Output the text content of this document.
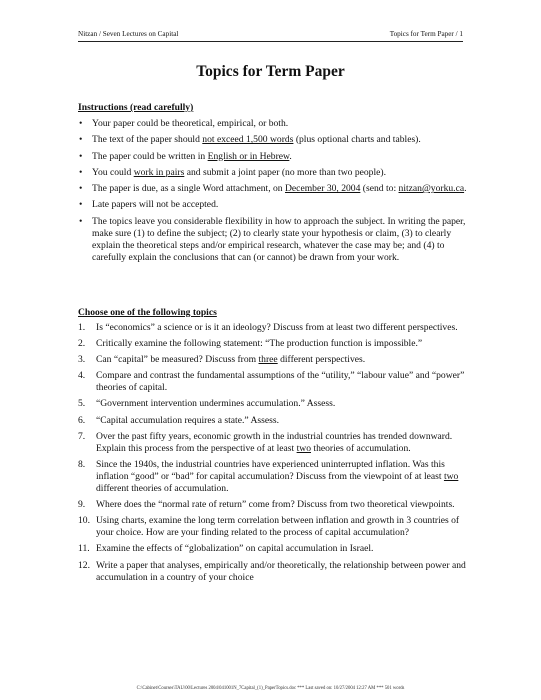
Nitzan / Seven Lectures on Capital	Topics for Term Paper / 1
Topics for Term Paper
Instructions (read carefully)
• Your paper could be theoretical, empirical, or both.
• The text of the paper should not exceed 1,500 words (plus optional charts and tables).
• The paper could be written in English or in Hebrew.
• You could work in pairs and submit a joint paper (no more than two people).
• The paper is due, as a single Word attachment, on December 30, 2004 (send to: nitzan@yorku.ca.
• Late papers will not be accepted.
• The topics leave you considerable flexibility in how to approach the subject. In writing the paper, make sure (1) to define the subject; (2) to clearly state your hypothesis or claim, (3) to clearly explain the theoretical steps and/or empirical research, whatever the case may be; and (4) to carefully explain the conclusions that can (or cannot) be drawn from your work.
Choose one of the following topics
1. Is “economics” a science or is it an ideology? Discuss from at least two different perspectives.
2. Critically examine the following statement: “The production function is impossible.”
3. Can “capital” be measured? Discuss from three different perspectives.
4. Compare and contrast the fundamental assumptions of the “utility,” “labour value” and “power” theories of capital.
5. “Government intervention undermines accumulation.” Assess.
6. “Capital accumulation requires a state.” Assess.
7. Over the past fifty years, economic growth in the industrial countries has trended downward. Explain this process from the perspective of at least two theories of accumulation.
8. Since the 1940s, the industrial countries have experienced uninterrupted inflation. Was this inflation “good” or “bad” for capital accumulation? Discuss from the viewpoint of at least two different theories of accumulation.
9. Where does the “normal rate of return” come from? Discuss from two theoretical viewpoints.
10. Using charts, examine the long term correlation between inflation and growth in 3 countries of your choice. How are your finding related to the process of capital accumulation?
11. Examine the effects of “globalization” on capital accumulation in Israel.
12. Write a paper that analyses, empirically and/or theoretically, the relationship between power and accumulation in a country of your choice
C:\Cabinet\Courses\TAU\00\Lectures 2004\041001N_7Capital_(1)_PaperTopics.doc *** Last saved on: 10/27/2004 12:27 AM *** 501 words
